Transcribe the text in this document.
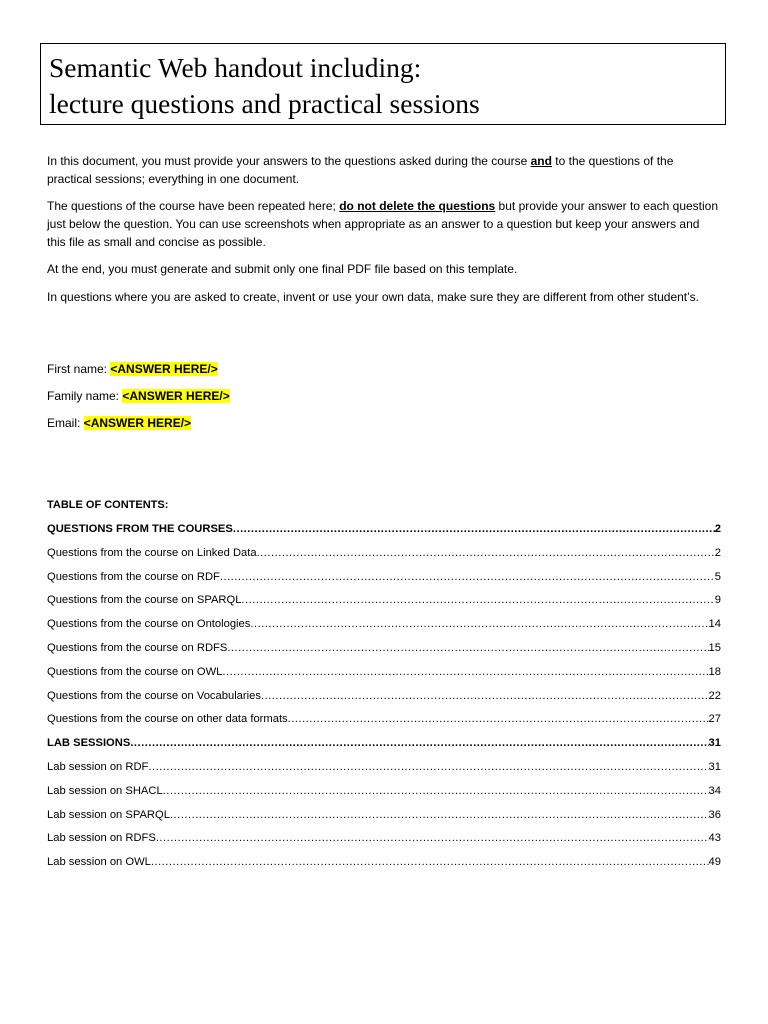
Semantic Web handout including:
lecture questions and practical sessions

In this document, you must provide your answers to the questions asked during the course and to the questions of the practical sessions; everything in one document.

The questions of the course have been repeated here; do not delete the questions but provide your answer to each question just below the question. You can use screenshots when appropriate as an answer to a question but keep your answers and this file as small and concise as possible.

At the end, you must generate and submit only one final PDF file based on this template.

In questions where you are asked to create, invent or use your own data, make sure they are different from other student’s.

First name: <ANSWER HERE/>
Family name: <ANSWER HERE/>
Email: <ANSWER HERE/>
TABLE OF CONTENTS:
QUESTIONS FROM THE COURSES .....	2
Questions from the course on Linked Data .....	2
Questions from the course on RDF .....	5
Questions from the course on SPARQL .....	9
Questions from the course on Ontologies .....	14
Questions from the course on RDFS .....	15
Questions from the course on OWL .....	18
Questions from the course on Vocabularies .....	22
Questions from the course on other data formats .....	27
LAB SESSIONS .....	31
Lab session on RDF .....	31
Lab session on SHACL .....	34
Lab session on SPARQL .....	36
Lab session on RDFS .....	43
Lab session on OWL .....	49
